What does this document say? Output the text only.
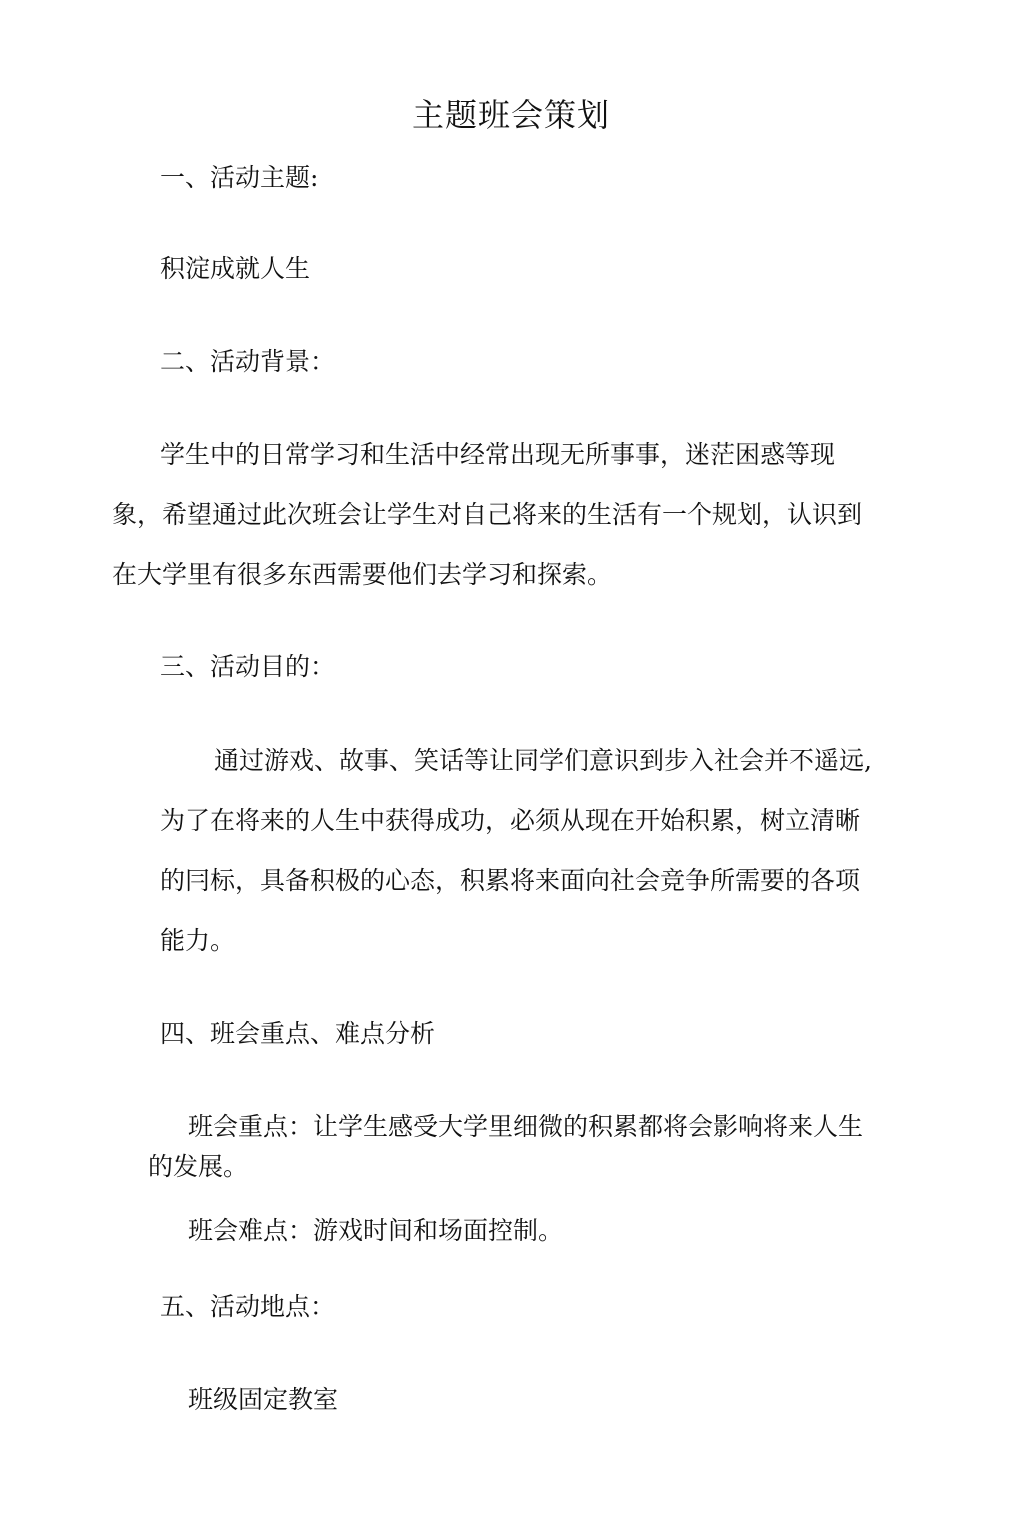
主题班会策划
一、活动主题:
积淀成就人生
二、活动背景：
学生中的日常学习和生活中经常出现无所事事，迷茫困惑等现
象，希望通过此次班会让学生对自己将来的生活有一个规划，认识到
在大学里有很多东西需要他们去学习和探索。
三、活动目的：
通过游戏、故事、笑话等让同学们意识到步入社会并不遥远,
为了在将来的人生中获得成功，必须从现在开始积累，树立清晰
的冃标，具备积极的心态，积累将来面向社会竞争所需要的各项
能力。
四、班会重点、难点分析
班会重点：让学生感受大学里细微的积累都将会影响将来人生
的发展。
班会难点：游戏时间和场面控制。
五、活动地点：
班级固定教室
